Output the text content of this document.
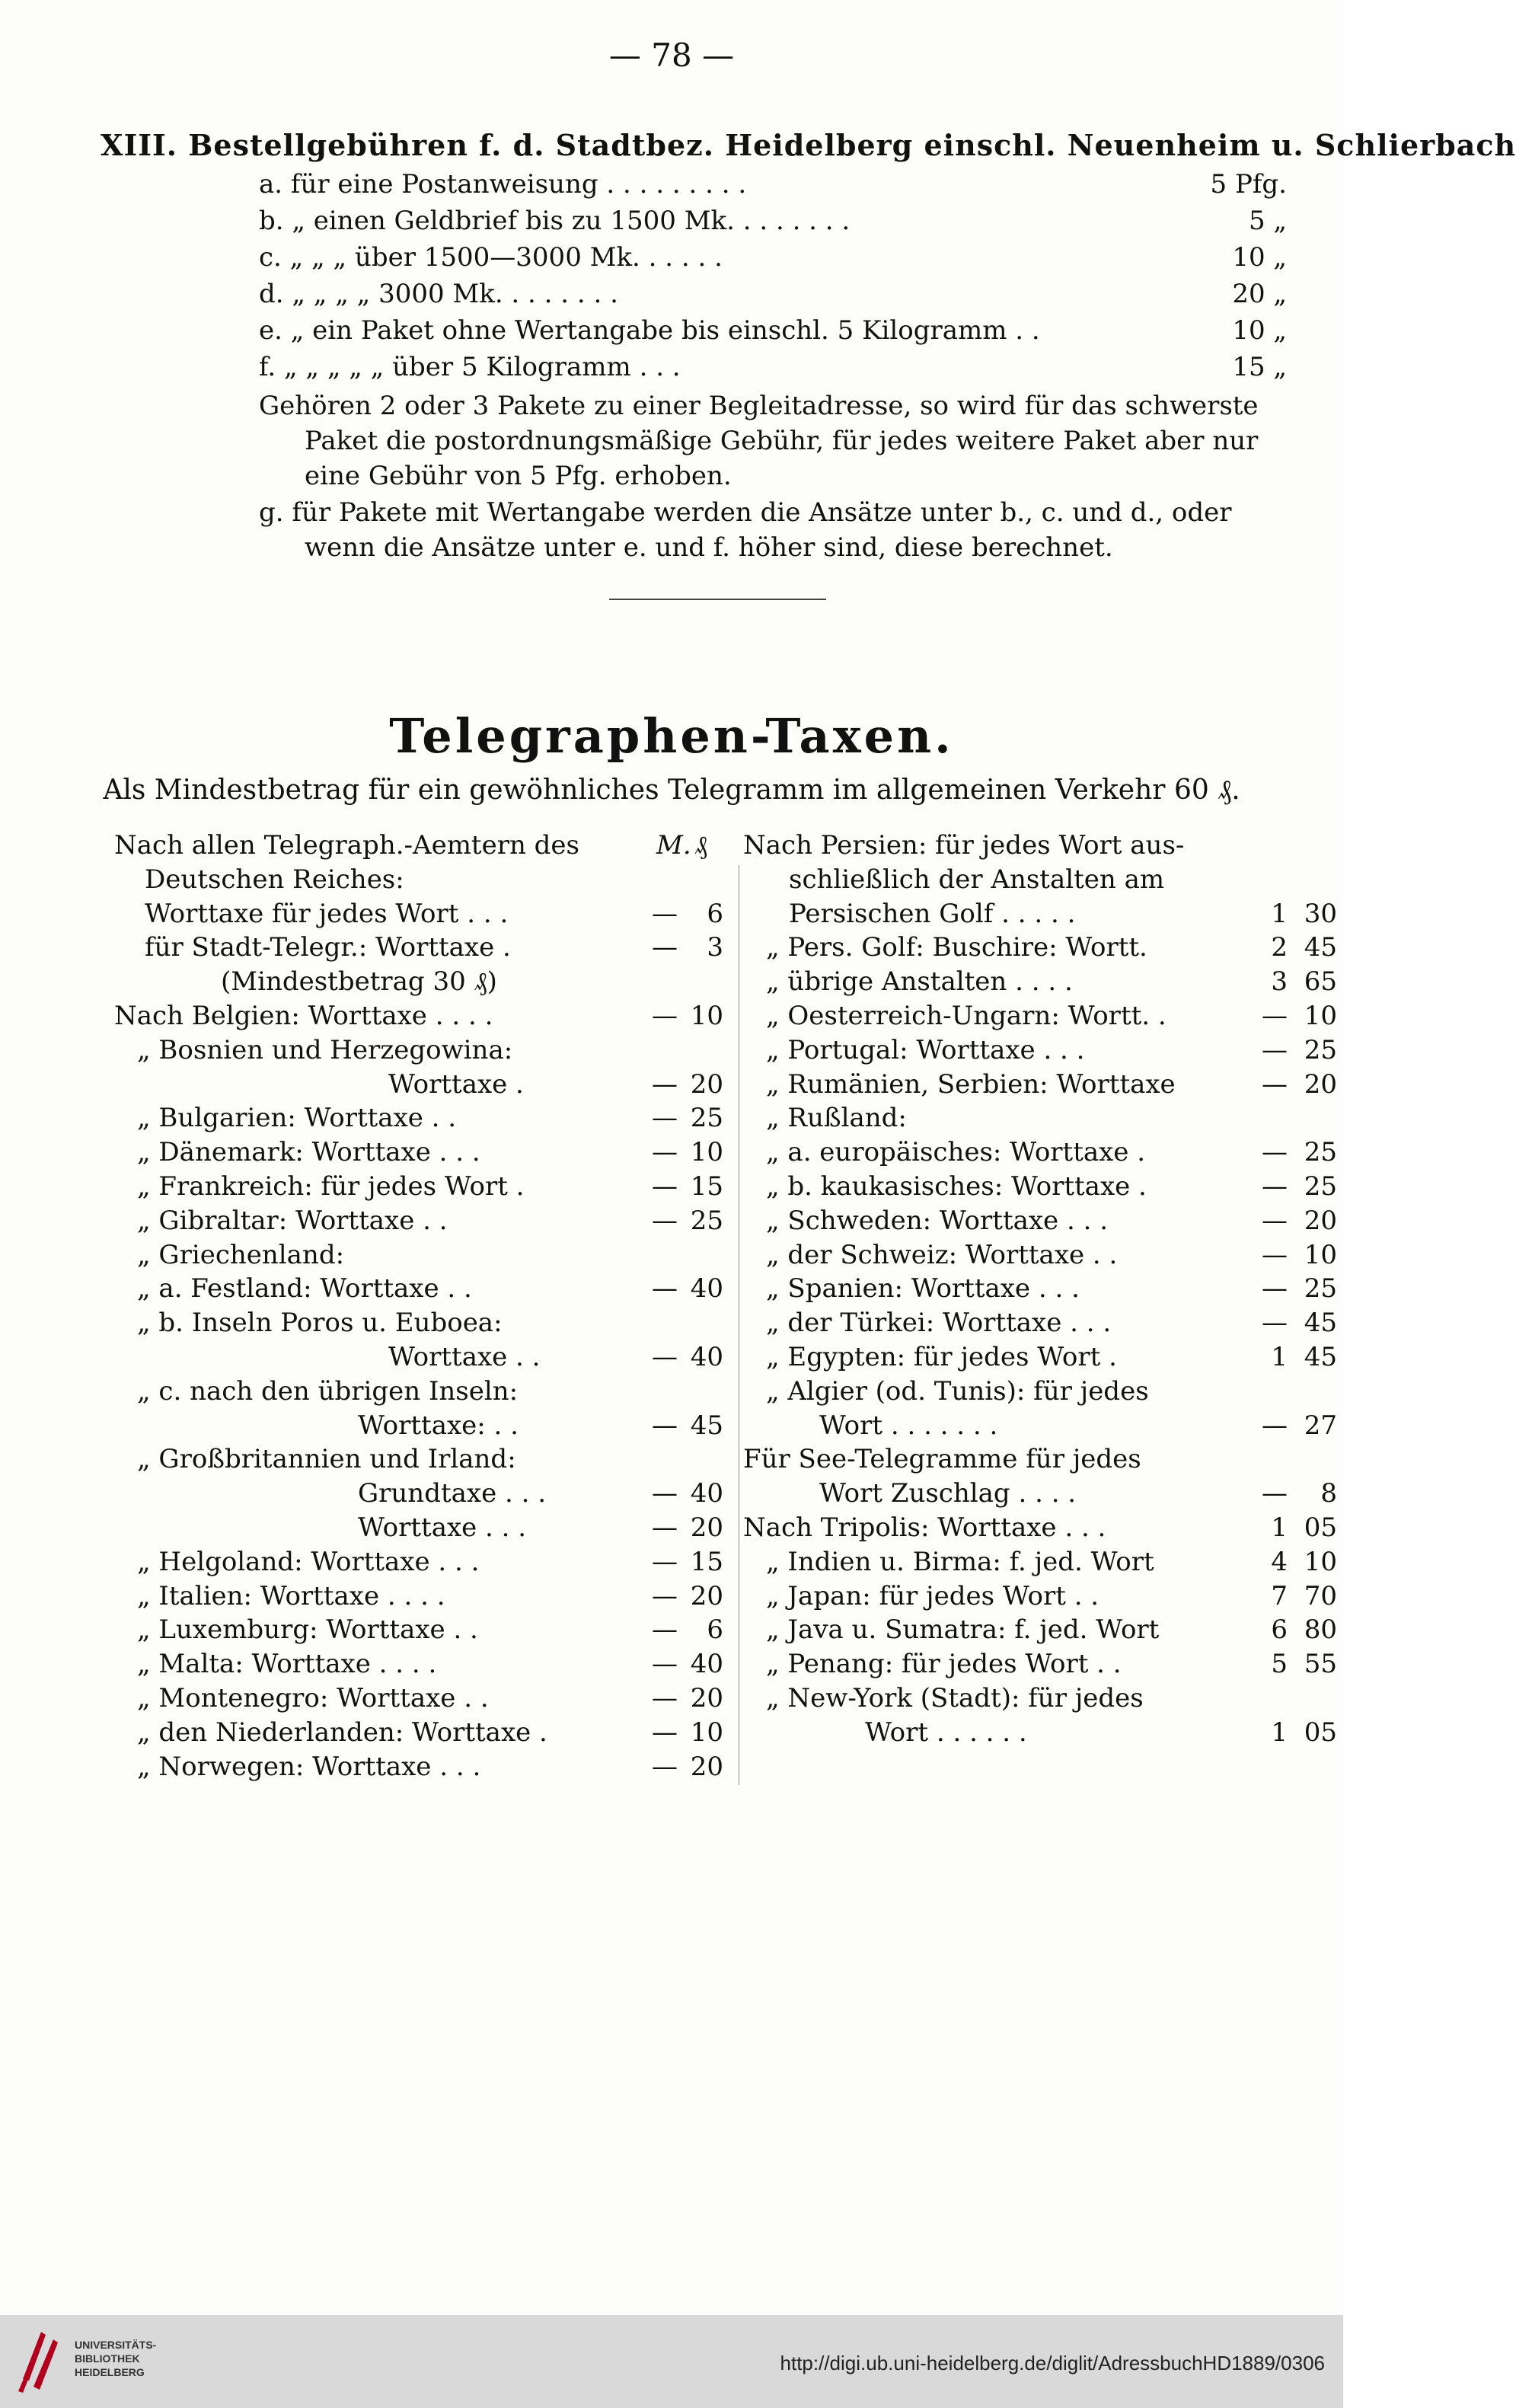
— 78 —
XIII. Bestellgebühren f. d. Stadtbez. Heidelberg einschl. Neuenheim u. Schlierbach
a. für eine Postanweisung . . . . . . . . .	5 Pfg.
b. „ einen Geldbrief bis zu 1500 Mk. . . . . . . .	5 „
c. „ „ „ über 1500—3000 Mk. . . . . .	10 „
d. „ „ „ „ 3000 Mk. . . . . . . .	20 „
e. „ ein Paket ohne Wertangabe bis einschl. 5 Kilogramm . .	10 „
f. „ „ „ „ „ über 5 Kilogramm . . .	15 „
Gehören 2 oder 3 Pakete zu einer Begleitadresse, so wird für das schwerste
Paket die postordnungsmäßige Gebühr, für jedes weitere Paket aber nur
eine Gebühr von 5 Pfg. erhoben.
g. für Pakete mit Wertangabe werden die Ansätze unter b., c. und d., oder
wenn die Ansätze unter e. und f. höher sind, diese berechnet.
Telegraphen-Taxen.
Als Mindestbetrag für ein gewöhnliches Telegramm im allgemeinen Verkehr 60 ₰.
M. ₰
Nach allen Telegraph.-Aemtern des
Deutschen Reiches:
Worttaxe für jedes Wort . . .	—	6
für Stadt-Telegr.: Worttaxe .	—	3
(Mindestbetrag 30 ₰)
Nach Belgien: Worttaxe . . . .	— 10
„ Bosnien und Herzegowina:
Worttaxe .	— 20
„ Bulgarien: Worttaxe . .	— 25
„ Dänemark: Worttaxe . . .	— 10
„ Frankreich: für jedes Wort .	— 15
„ Gibraltar: Worttaxe . .	— 25
„ Griechenland:
„ a. Festland: Worttaxe . .	— 40
„ b. Inseln Poros u. Euboea:
Worttaxe . .	— 40
„ c. nach den übrigen Inseln:
Worttaxe: . .	— 45
„ Großbritannien und Irland:
Grundtaxe . . .	— 40
Worttaxe . . .	— 20
„ Helgoland: Worttaxe . . .	— 15
„ Italien: Worttaxe . . . .	— 20
„ Luxemburg: Worttaxe . .	—	6
„ Malta: Worttaxe . . . .	— 40
„ Montenegro: Worttaxe . .	— 20
„ den Niederlanden: Worttaxe .	— 10
„ Norwegen: Worttaxe . . .	— 20
Nach Persien: für jedes Wort aus-
schließlich der Anstalten am
Persischen Golf . . . . .	1 30
„ Pers. Golf: Buschire: Wortt.	2 45
„ übrige Anstalten . . . .	3 65
„ Oesterreich-Ungarn: Wortt. .	— 10
„ Portugal: Worttaxe . . .	— 25
„ Rumänien, Serbien: Worttaxe	— 20
„ Rußland:
„ a. europäisches: Worttaxe .	— 25
„ b. kaukasisches: Worttaxe .	— 25
„ Schweden: Worttaxe . . .	— 20
„ der Schweiz: Worttaxe . .	— 10
„ Spanien: Worttaxe . . .	— 25
„ der Türkei: Worttaxe . . .	— 45
„ Egypten: für jedes Wort .	1 45
„ Algier (od. Tunis): für jedes
Wort . . . . . . .	— 27
Für See-Telegramme für jedes
Wort Zuschlag . . . .	—	8
Nach Tripolis: Worttaxe . . .	1 05
„ Indien u. Birma: f. jed. Wort	4 10
„ Japan: für jedes Wort . .	7 70
„ Java u. Sumatra: f. jed. Wort	6 80
„ Penang: für jedes Wort . .	5 55
„ New-York (Stadt): für jedes
Wort . . . . . .	1 05
UNIVERSITÄTS-
BIBLIOTHEK
HEIDELBERG	http://digi.ub.uni-heidelberg.de/diglit/AdressbuchHD1889/0306
